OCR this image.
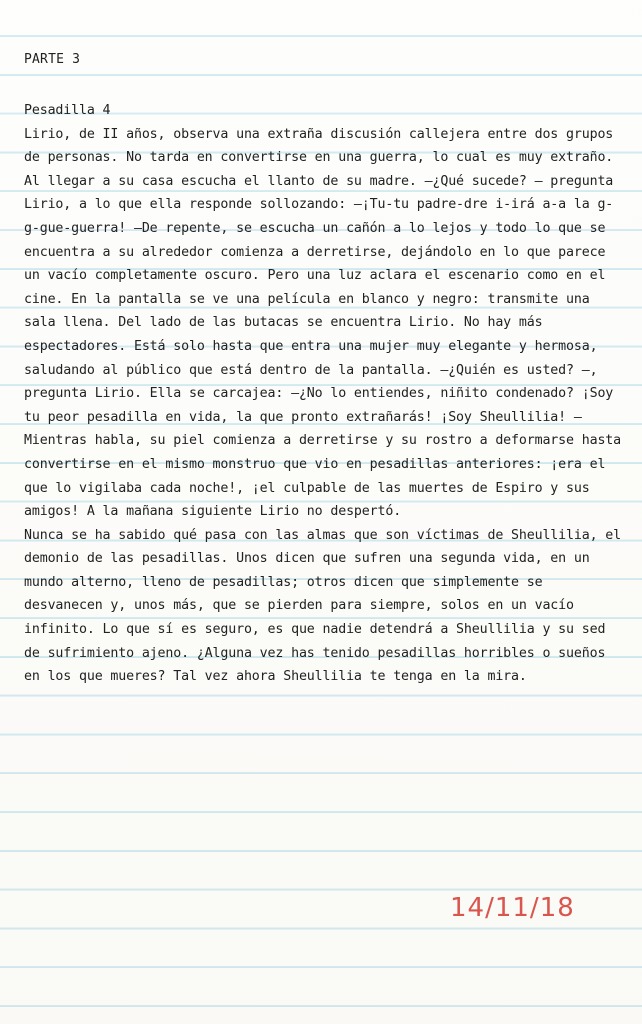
PARTE 3

Pesadilla 4

Lirio, de II años, observa una extraña discusión callejera entre dos grupos de personas. No tarda en convertirse en una guerra, lo cual es muy extraño. Al llegar a su casa escucha el llanto de su madre. —¿Qué sucede? — pregunta Lirio, a lo que ella responde sollozando: —¡Tu-tu padre-dre i-irá a-a la g-g-gue-guerra! —De repente, se escucha un cañón a lo lejos y todo lo que se encuentra a su alrededor comienza a derretirse, dejándolo en lo que parece un vacío completamente oscuro. Pero una luz aclara el escenario como en el cine. En la pantalla se ve una película en blanco y negro: transmite una sala llena. Del lado de las butacas se encuentra Lirio. No hay más espectadores. Está solo hasta que entra una mujer muy elegante y hermosa, saludando al público que está dentro de la pantalla. —¿Quién es usted? —, pregunta Lirio. Ella se carcajea: —¿No lo entiendes, niñito condenado? ¡Soy tu peor pesadilla en vida, la que pronto extrañarás! ¡Soy Sheullilia! —Mientras habla, su piel comienza a derretirse y su rostro a deformarse hasta convertirse en el mismo monstruo que vio en pesadillas anteriores: ¡era el que lo vigilaba cada noche!, ¡el culpable de las muertes de Espiro y sus amigos! A la mañana siguiente Lirio no despertó.

Nunca se ha sabido qué pasa con las almas que son víctimas de Sheullilia, el demonio de las pesadillas. Unos dicen que sufren una segunda vida, en un mundo alterno, lleno de pesadillas; otros dicen que simplemente se desvanecen y, unos más, que se pierden para siempre, solos en un vacío infinito. Lo que sí es seguro, es que nadie detendrá a Sheullilia y su sed de sufrimiento ajeno. ¿Alguna vez has tenido pesadillas horribles o sueños en los que mueres? Tal vez ahora Sheullilia te tenga en la mira.

14/11/18
